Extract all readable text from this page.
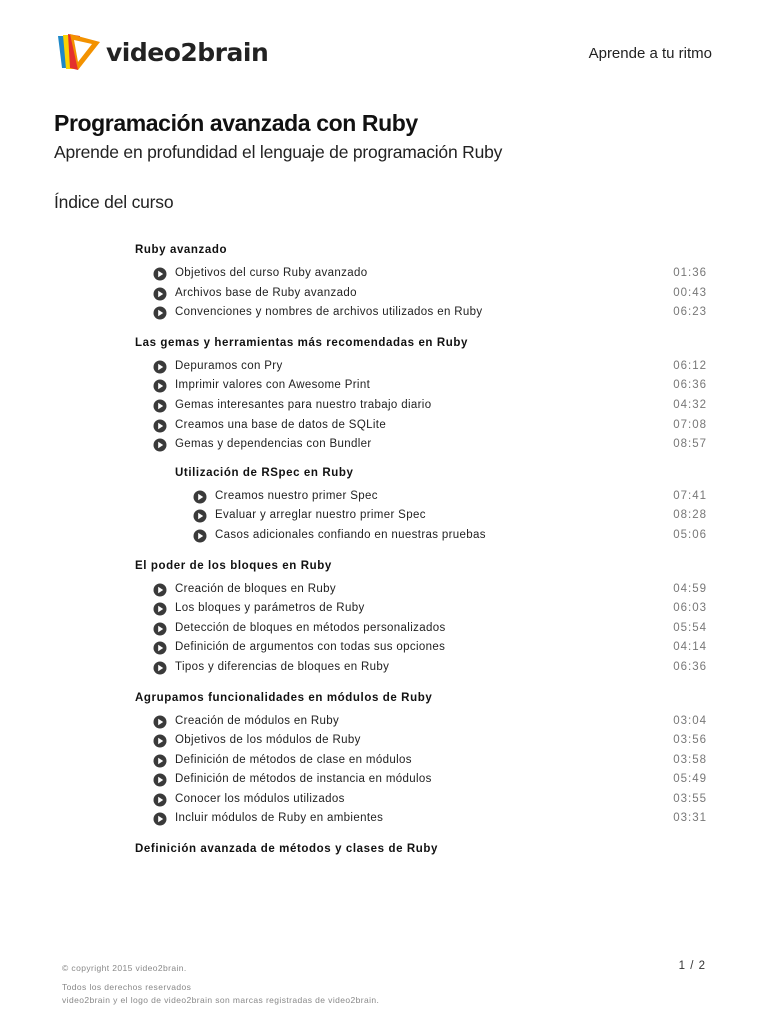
video2brain	Aprende a tu ritmo
Programación avanzada con Ruby
Aprende en profundidad el lenguaje de programación Ruby
Índice del curso
Ruby avanzado
Objetivos del curso Ruby avanzado	01:36
Archivos base de Ruby avanzado	00:43
Convenciones y nombres de archivos utilizados en Ruby	06:23
Las gemas y herramientas más recomendadas en Ruby
Depuramos con Pry	06:12
Imprimir valores con Awesome Print	06:36
Gemas interesantes para nuestro trabajo diario	04:32
Creamos una base de datos de SQLite	07:08
Gemas y dependencias con Bundler	08:57
Utilización de RSpec en Ruby
Creamos nuestro primer Spec	07:41
Evaluar y arreglar nuestro primer Spec	08:28
Casos adicionales confiando en nuestras pruebas	05:06
El poder de los bloques en Ruby
Creación de bloques en Ruby	04:59
Los bloques y parámetros de Ruby	06:03
Detección de bloques en métodos personalizados	05:54
Definición de argumentos con todas sus opciones	04:14
Tipos y diferencias de bloques en Ruby	06:36
Agrupamos funcionalidades en módulos de Ruby
Creación de módulos en Ruby	03:04
Objetivos de los módulos de Ruby	03:56
Definición de métodos de clase en módulos	03:58
Definición de métodos de instancia en módulos	05:49
Conocer los módulos utilizados	03:55
Incluir módulos de Ruby en ambientes	03:31
Definición avanzada de métodos y clases de Ruby
© copyright 2015 video2brain.
Todos los derechos reservados
video2brain y el logo de video2brain son marcas registradas de video2brain.
1 / 2
